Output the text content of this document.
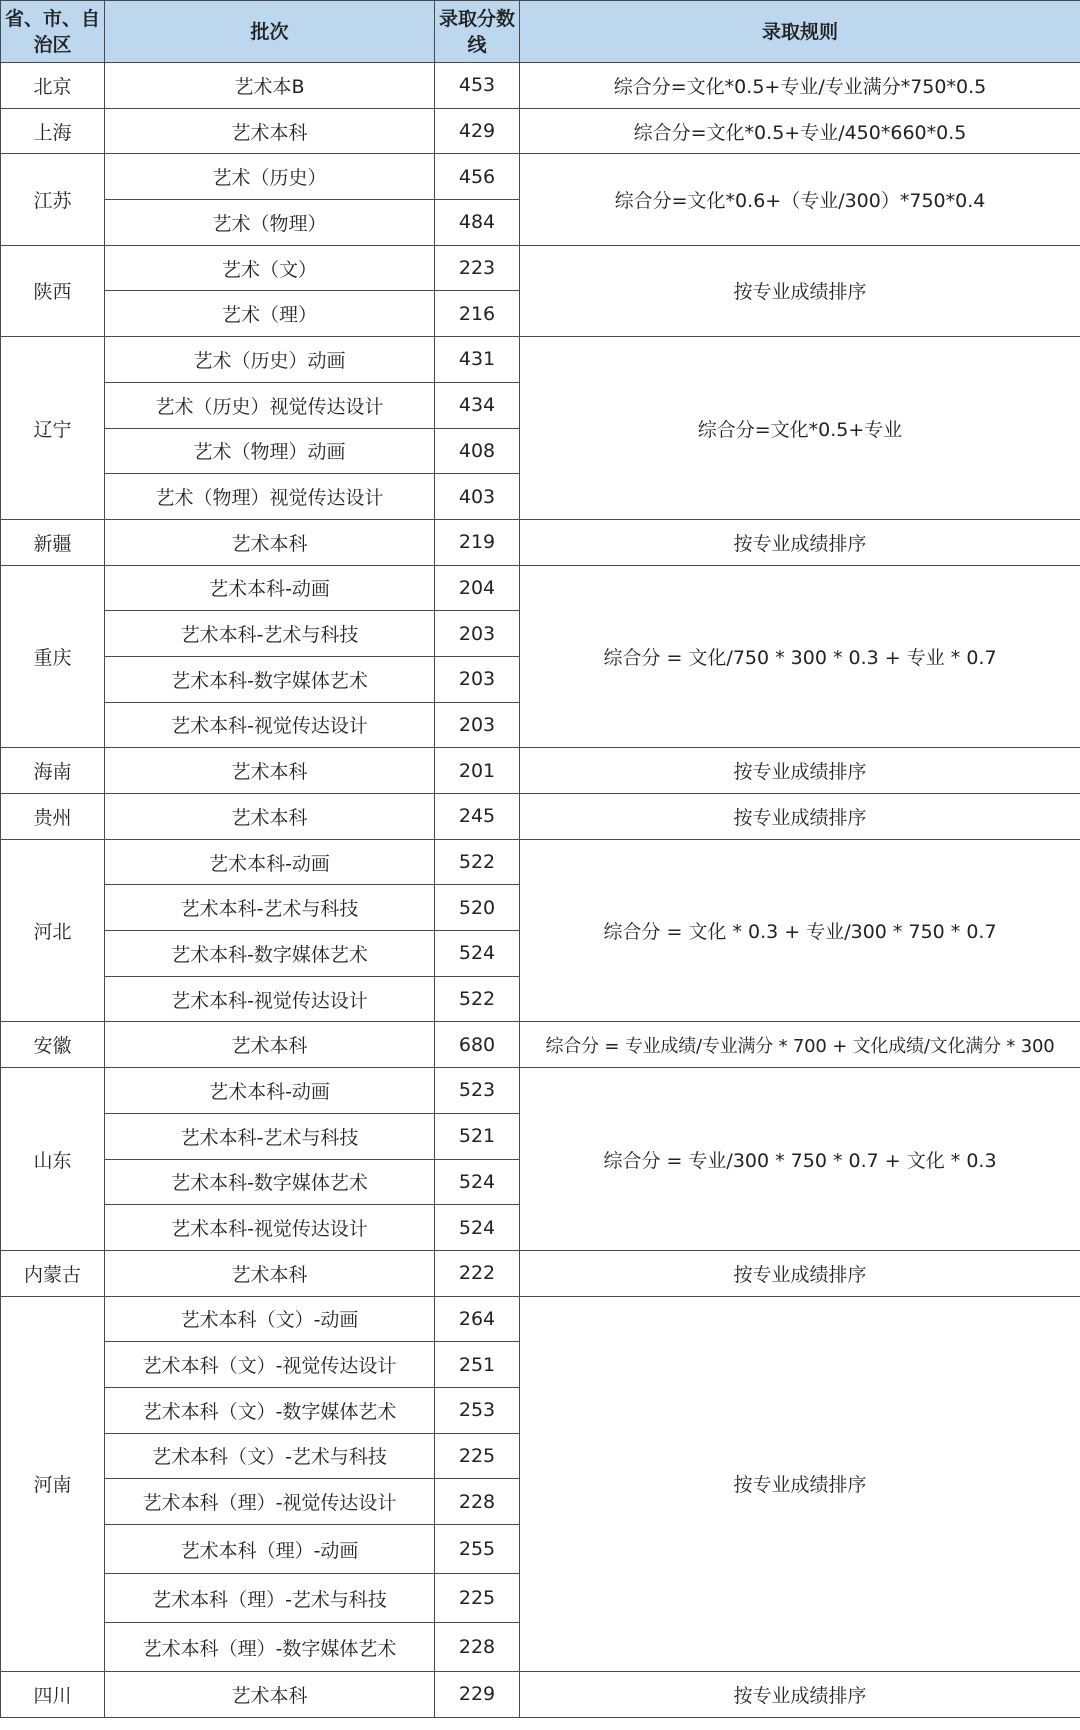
省、市、自治区	批次	录取分数线	录取规则
北京	艺术本B	453	综合分=文化*0.5+专业/专业满分*750*0.5
上海	艺术本科	429	综合分=文化*0.5+专业/450*660*0.5
江苏	艺术（历史）	456	综合分=文化*0.6+（专业/300）*750*0.4
	艺术（物理）	484	
陕西	艺术（文）	223	按专业成绩排序
	艺术（理）	216	
辽宁	艺术（历史）动画	431	综合分=文化*0.5+专业
	艺术（历史）视觉传达设计	434	
	艺术（物理）动画	408	
	艺术（物理）视觉传达设计	403	
新疆	艺术本科	219	按专业成绩排序
重庆	艺术本科-动画	204	综合分 = 文化/750 * 300 * 0.3 + 专业 * 0.7
	艺术本科-艺术与科技	203	
	艺术本科-数字媒体艺术	203	
	艺术本科-视觉传达设计	203	
海南	艺术本科	201	按专业成绩排序
贵州	艺术本科	245	按专业成绩排序
河北	艺术本科-动画	522	综合分 = 文化 * 0.3 + 专业/300 * 750 * 0.7
	艺术本科-艺术与科技	520	
	艺术本科-数字媒体艺术	524	
	艺术本科-视觉传达设计	522	
安徽	艺术本科	680	综合分 = 专业成绩/专业满分 * 700 + 文化成绩/文化满分 * 300
山东	艺术本科-动画	523	综合分 = 专业/300 * 750 * 0.7 + 文化 * 0.3
	艺术本科-艺术与科技	521	
	艺术本科-数字媒体艺术	524	
	艺术本科-视觉传达设计	524	
内蒙古	艺术本科	222	按专业成绩排序
河南	艺术本科（文）-动画	264	按专业成绩排序
	艺术本科（文）-视觉传达设计	251	
	艺术本科（文）-数字媒体艺术	253	
	艺术本科（文）-艺术与科技	225	
	艺术本科（理）-视觉传达设计	228	
	艺术本科（理）-动画	255	
	艺术本科（理）-艺术与科技	225	
	艺术本科（理）-数字媒体艺术	228	
四川	艺术本科	229	按专业成绩排序
